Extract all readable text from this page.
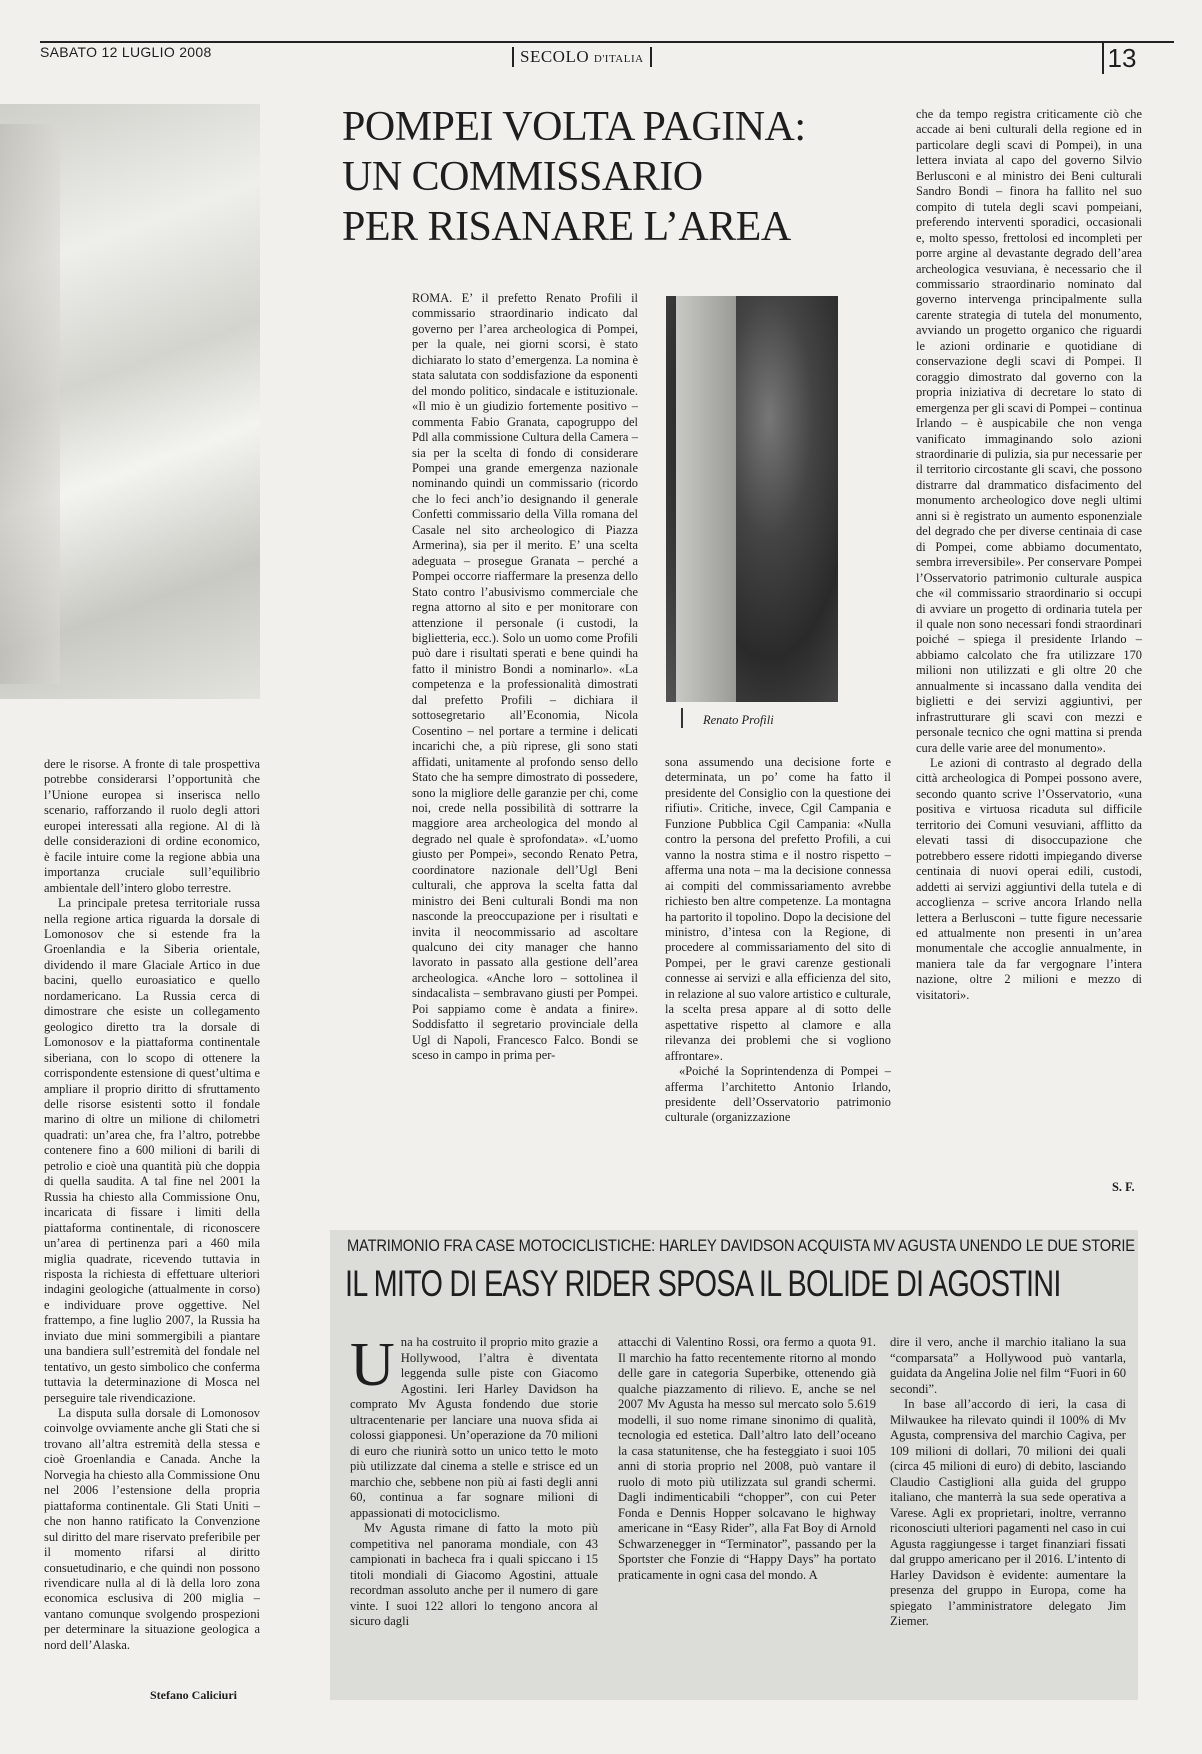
SABATO 12 LUGLIO 2008	SECOLO D'ITALIA	13
POMPEI VOLTA PAGINA:
UN COMMISSARIO
PER RISANARE L’AREA

dere le risorse. A fronte di tale prospettiva potrebbe considerarsi l’opportunità che l’Unione europea si inserisca nello scenario, rafforzando il ruolo degli attori europei interessati alla regione. Al di là delle considerazioni di ordine economico, è facile intuire come la regione abbia una importanza cruciale sull’equilibrio ambientale dell’intero globo terrestre.

La principale pretesa territoriale russa nella regione artica riguarda la dorsale di Lomonosov che si estende fra la Groenlandia e la Siberia orientale, dividendo il mare Glaciale Artico in due bacini, quello euroasiatico e quello nordamericano. La Russia cerca di dimostrare che esiste un collegamento geologico diretto tra la dorsale di Lomonosov e la piattaforma continentale siberiana, con lo scopo di ottenere la corrispondente estensione di quest’ultima e ampliare il proprio diritto di sfruttamento delle risorse esistenti sotto il fondale marino di oltre un milione di chilometri quadrati: un’area che, fra l’altro, potrebbe contenere fino a 600 milioni di barili di petrolio e cioè una quantità più che doppia di quella saudita. A tal fine nel 2001 la Russia ha chiesto alla Commissione Onu, incaricata di fissare i limiti della piattaforma continentale, di riconoscere un’area di pertinenza pari a 460 mila miglia quadrate, ricevendo tuttavia in risposta la richiesta di effettuare ulteriori indagini geologiche (attualmente in corso) e individuare prove oggettive. Nel frattempo, a fine luglio 2007, la Russia ha inviato due mini sommergibili a piantare una bandiera sull’estremità del fondale nel tentativo, un gesto simbolico che conferma tuttavia la determinazione di Mosca nel perseguire tale rivendicazione.

La disputa sulla dorsale di Lomonosov coinvolge ovviamente anche gli Stati che si trovano all’altra estremità della stessa e cioè Groenlandia e Canada. Anche la Norvegia ha chiesto alla Commissione Onu nel 2006 l’estensione della propria piattaforma continentale. Gli Stati Uniti – che non hanno ratificato la Convenzione sul diritto del mare riservato preferibile per il momento rifarsi al diritto consuetudinario, e che quindi non possono rivendicare nulla al di là della loro zona economica esclusiva di 200 miglia – vantano comunque svolgendo prospezioni per determinare la situazione geologica a nord dell’Alaska.

ROMA. E’ il prefetto Renato Profili il commissario straordinario indicato dal governo per l’area archeologica di Pompei, per la quale, nei giorni scorsi, è stato dichiarato lo stato d’emergenza. La nomina è stata salutata con soddisfazione da esponenti del mondo politico, sindacale e istituzionale. «Il mio è un giudizio fortemente positivo – commenta Fabio Granata, capogruppo del Pdl alla commissione Cultura della Camera – sia per la scelta di fondo di considerare Pompei una grande emergenza nazionale nominando quindi un commissario (ricordo che lo feci anch’io designando il generale Confetti commissario della Villa romana del Casale nel sito archeologico di Piazza Armerina), sia per il merito. E’ una scelta adeguata – prosegue Granata – perché a Pompei occorre riaffermare la presenza dello Stato contro l’abusivismo commerciale che regna attorno al sito e per monitorare con attenzione il personale (i custodi, la biglietteria, ecc.). Solo un uomo come Profili può dare i risultati sperati e bene quindi ha fatto il ministro Bondi a nominarlo». «La competenza e la professionalità dimostrati dal prefetto Profili – dichiara il sottosegretario all’Economia, Nicola Cosentino – nel portare a termine i delicati incarichi che, a più riprese, gli sono stati affidati, unitamente al profondo senso dello Stato che ha sempre dimostrato di possedere, sono la migliore delle garanzie per chi, come noi, crede nella possibilità di sottrarre la maggiore area archeologica del mondo al degrado nel quale è sprofondata». «L’uomo giusto per Pompei», secondo Renato Petra, coordinatore nazionale dell’Ugl Beni culturali, che approva la scelta fatta dal ministro dei Beni culturali Bondi ma non nasconde la preoccupazione per i risultati e invita il neocommissario ad ascoltare qualcuno dei city manager che hanno lavorato in passato alla gestione dell’area archeologica. «Anche loro – sottolinea il sindacalista – sembravano giusti per Pompei. Poi sappiamo come è andata a finire». Soddisfatto il segretario provinciale della Ugl di Napoli, Francesco Falco. Bondi se sceso in campo in prima per-

Renato Profili

sona assumendo una decisione forte e determinata, un po’ come ha fatto il presidente del Consiglio con la questione dei rifiuti». Critiche, invece, Cgil Campania e Funzione Pubblica Cgil Campania: «Nulla contro la persona del prefetto Profili, a cui vanno la nostra stima e il nostro rispetto – afferma una nota – ma la decisione connessa ai compiti del commissariamento avrebbe richiesto ben altre competenze. La montagna ha partorito il topolino. Dopo la decisione del ministro, d’intesa con la Regione, di procedere al commissariamento del sito di Pompei, per le gravi carenze gestionali connesse ai servizi e alla efficienza del sito, in relazione al suo valore artistico e culturale, la scelta presa appare al di sotto delle aspettative rispetto al clamore e alla rilevanza dei problemi che si vogliono affrontare».

«Poiché la Soprintendenza di Pompei – afferma l’architetto Antonio Irlando, presidente dell’Osservatorio patrimonio culturale (organizzazione

che da tempo registra criticamente ciò che accade ai beni culturali della regione ed in particolare degli scavi di Pompei), in una lettera inviata al capo del governo Silvio Berlusconi e al ministro dei Beni culturali Sandro Bondi – finora ha fallito nel suo compito di tutela degli scavi pompeiani, preferendo interventi sporadici, occasionali e, molto spesso, frettolosi ed incompleti per porre argine al devastante degrado dell’area archeologica vesuviana, è necessario che il commissario straordinario nominato dal governo intervenga principalmente sulla carente strategia di tutela del monumento, avviando un progetto organico che riguardi le azioni ordinarie e quotidiane di conservazione degli scavi di Pompei. Il coraggio dimostrato dal governo con la propria iniziativa di decretare lo stato di emergenza per gli scavi di Pompei – continua Irlando – è auspicabile che non venga vanificato immaginando solo azioni straordinarie di pulizia, sia pur necessarie per il territorio circostante gli scavi, che possono distrarre dal drammatico disfacimento del monumento archeologico dove negli ultimi anni si è registrato un aumento esponenziale del degrado che per diverse centinaia di case di Pompei, come abbiamo documentato, sembra irreversibile». Per conservare Pompei l’Osservatorio patrimonio culturale auspica che «il commissario straordinario si occupi di avviare un progetto di ordinaria tutela per il quale non sono necessari fondi straordinari poiché – spiega il presidente Irlando – abbiamo calcolato che fra utilizzare 170 milioni non utilizzati e gli oltre 20 che annualmente si incassano dalla vendita dei biglietti e dei servizi aggiuntivi, per infrastrutturare gli scavi con mezzi e personale tecnico che ogni mattina si prenda cura delle varie aree del monumento».

Le azioni di contrasto al degrado della città archeologica di Pompei possono avere, secondo quanto scrive l’Osservatorio, «una positiva e virtuosa ricaduta sul difficile territorio dei Comuni vesuviani, afflitto da elevati tassi di disoccupazione che potrebbero essere ridotti impiegando diverse centinaia di nuovi operai edili, custodi, addetti ai servizi aggiuntivi della tutela e di accoglienza – scrive ancora Irlando nella lettera a Berlusconi – tutte figure necessarie ed attualmente non presenti in un’area monumentale che accoglie annualmente, in maniera tale da far vergognare l’intera nazione, oltre 2 milioni e mezzo di visitatori».

S. F.
Stefano Caliciuri
MATRIMONIO FRA CASE MOTOCICLISTICHE: HARLEY DAVIDSON ACQUISTA MV AGUSTA UNENDO LE DUE STORIE
IL MITO DI EASY RIDER SPOSA IL BOLIDE DI AGOSTINI

Una ha costruito il proprio mito grazie a Hollywood, l’altra è diventata leggenda sulle piste con Giacomo Agostini. Ieri Harley Davidson ha comprato Mv Agusta fondendo due storie ultracentenarie per lanciare una nuova sfida ai colossi giapponesi. Un’operazione da 70 milioni di euro che riunirà sotto un unico tetto le moto più utilizzate dal cinema a stelle e strisce ed un marchio che, sebbene non più ai fasti degli anni 60, continua a far sognare milioni di appassionati di motociclismo.

Mv Agusta rimane di fatto la moto più competitiva nel panorama mondiale, con 43 campionati in bacheca fra i quali spiccano i 15 titoli mondiali di Giacomo Agostini, attuale recordman assoluto anche per il numero di gare vinte. I suoi 122 allori lo tengono ancora al sicuro dagli

attacchi di Valentino Rossi, ora fermo a quota 91. Il marchio ha fatto recentemente ritorno al mondo delle gare in categoria Superbike, ottenendo già qualche piazzamento di rilievo. E, anche se nel 2007 Mv Agusta ha messo sul mercato solo 5.619 modelli, il suo nome rimane sinonimo di qualità, tecnologia ed estetica. Dall’altro lato dell’oceano la casa statunitense, che ha festeggiato i suoi 105 anni di storia proprio nel 2008, può vantare il ruolo di moto più utilizzata sul grandi schermi. Dagli indimenticabili “chopper”, con cui Peter Fonda e Dennis Hopper solcavano le highway americane in “Easy Rider”, alla Fat Boy di Arnold Schwarzenegger in “Terminator”, passando per la Sportster che Fonzie di “Happy Days” ha portato praticamente in ogni casa del mondo. A

dire il vero, anche il marchio italiano la sua “comparsata” a Hollywood può vantarla, guidata da Angelina Jolie nel film “Fuori in 60 secondi”.

In base all’accordo di ieri, la casa di Milwaukee ha rilevato quindi il 100% di Mv Agusta, comprensiva del marchio Cagiva, per 109 milioni di dollari, 70 milioni dei quali (circa 45 milioni di euro) di debito, lasciando Claudio Castiglioni alla guida del gruppo italiano, che manterrà la sua sede operativa a Varese. Agli ex proprietari, inoltre, verranno riconosciuti ulteriori pagamenti nel caso in cui Agusta raggiungesse i target finanziari fissati dal gruppo americano per il 2016. L’intento di Harley Davidson è evidente: aumentare la presenza del gruppo in Europa, come ha spiegato l’amministratore delegato Jim Ziemer.
